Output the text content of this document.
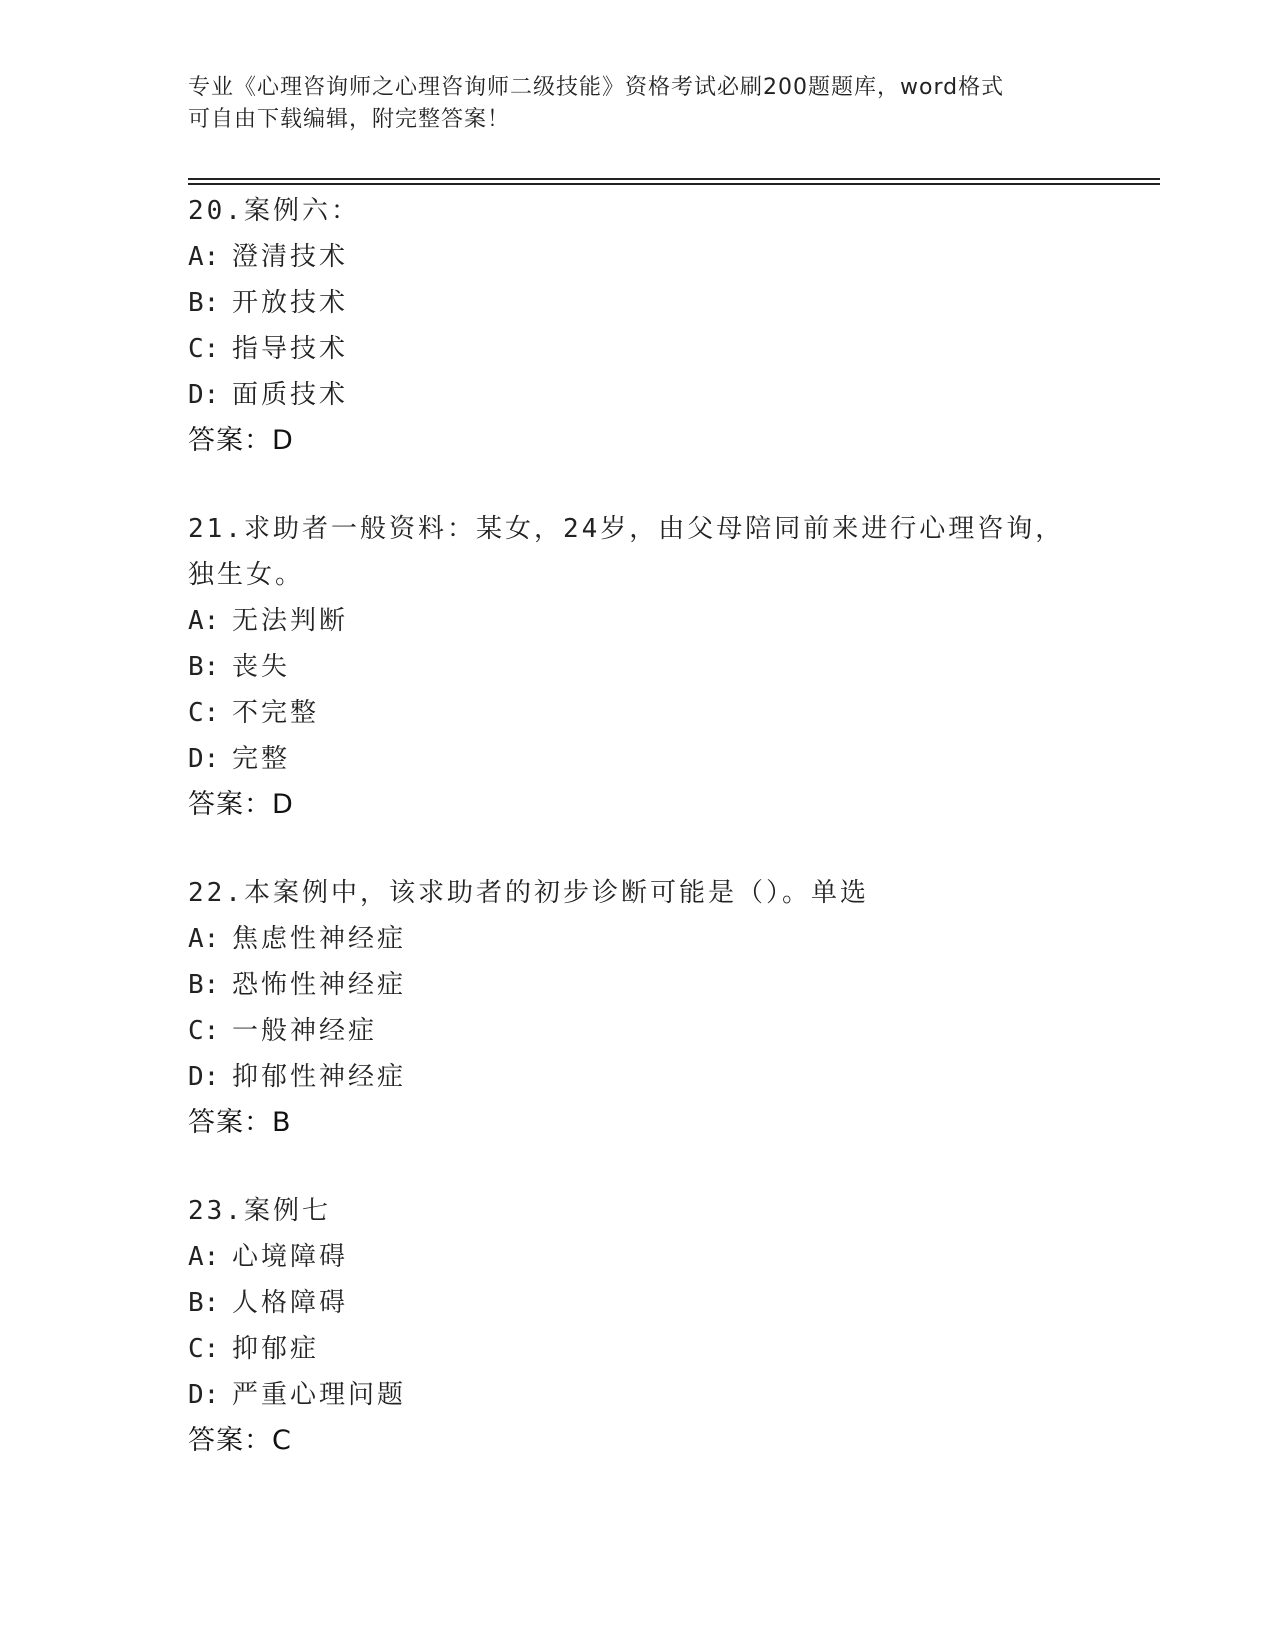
专业《心理咨询师之心理咨询师二级技能》资格考试必刷200题题库，word格式
可自由下载编辑，附完整答案！
20.案例六：
A: 澄清技术
B: 开放技术
C: 指导技术
D: 面质技术
答案：D
21.求助者一般资料：某女，24岁，由父母陪同前来进行心理咨询，独生女。
A: 无法判断
B: 丧失
C: 不完整
D: 完整
答案：D
22.本案例中，该求助者的初步诊断可能是（）。单选
A: 焦虑性神经症
B: 恐怖性神经症
C: 一般神经症
D: 抑郁性神经症
答案：B
23.案例七
A: 心境障碍
B: 人格障碍
C: 抑郁症
D: 严重心理问题
答案：C
